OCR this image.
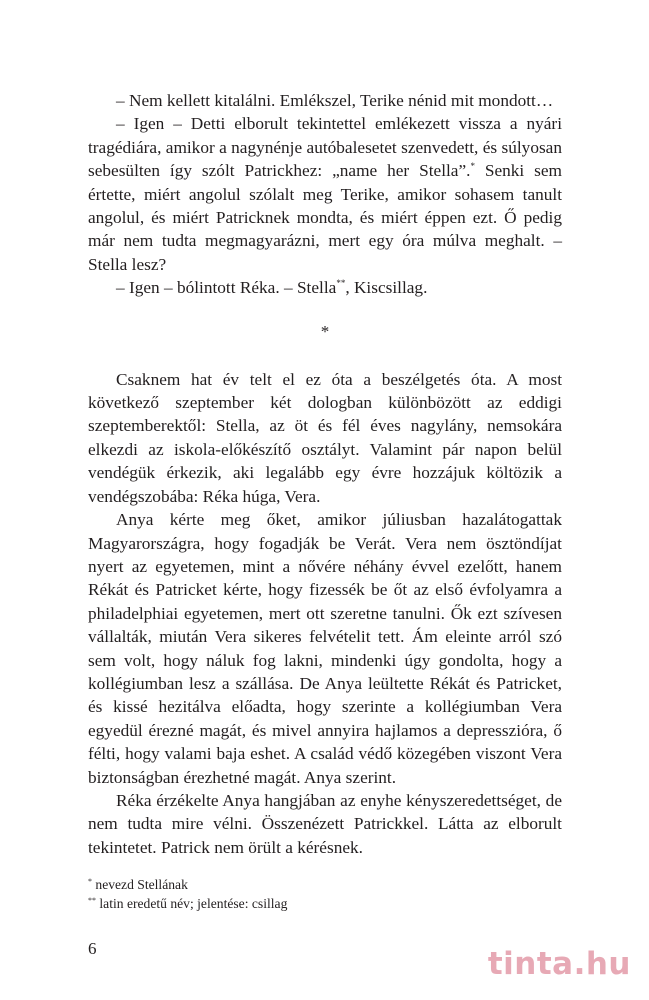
– Nem kellett kitalálni. Emlékszel, Terike nénid mit mondott…

– Igen – Detti elborult tekintettel emlékezett vissza a nyári tragédiára, amikor a nagynénje autóbalesetet szenvedett, és súlyosan sebesülten így szólt Patrickhez: „name her Stella”.* Senki sem értette, miért angolul szólalt meg Terike, amikor sohasem tanult angolul, és miért Patricknek mondta, és miért éppen ezt. Ő pedig már nem tudta megmagyarázni, mert egy óra múlva meghalt. – Stella lesz?

– Igen – bólintott Réka. – Stella**, Kiscsillag.

*

Csaknem hat év telt el ez óta a beszélgetés óta. A most következő szeptember két dologban különbözött az eddigi szeptemberektől: Stella, az öt és fél éves nagylány, nemsokára elkezdi az iskola-előkészítő osztályt. Valamint pár napon belül vendégük érkezik, aki legalább egy évre hozzájuk költözik a vendégszobába: Réka húga, Vera.

Anya kérte meg őket, amikor júliusban hazalátogattak Magyarországra, hogy fogadják be Verát. Vera nem ösztöndíjat nyert az egyetemen, mint a nővére néhány évvel ezelőtt, hanem Rékát és Patricket kérte, hogy fizessék be őt az első évfolyamra a philadelphiai egyetemen, mert ott szeretne tanulni. Ők ezt szívesen vállalták, miután Vera sikeres felvételit tett. Ám eleinte arról szó sem volt, hogy náluk fog lakni, mindenki úgy gondolta, hogy a kollégiumban lesz a szállása. De Anya leültette Rékát és Patricket, és kissé hezitálva előadta, hogy szerinte a kollégiumban Vera egyedül érezné magát, és mivel annyira hajlamos a depresszióra, ő félti, hogy valami baja eshet. A család védő közegében viszont Vera biztonságban érezhetné magát. Anya szerint.

Réka érzékelte Anya hangjában az enyhe kényszeredettséget, de nem tudta mire vélni. Összenézett Patrickkel. Látta az elborult tekintetet. Patrick nem örült a kérésnek.

* nevezd Stellának

** latin eredetű név; jelentése: csillag

6	tinta.hu
